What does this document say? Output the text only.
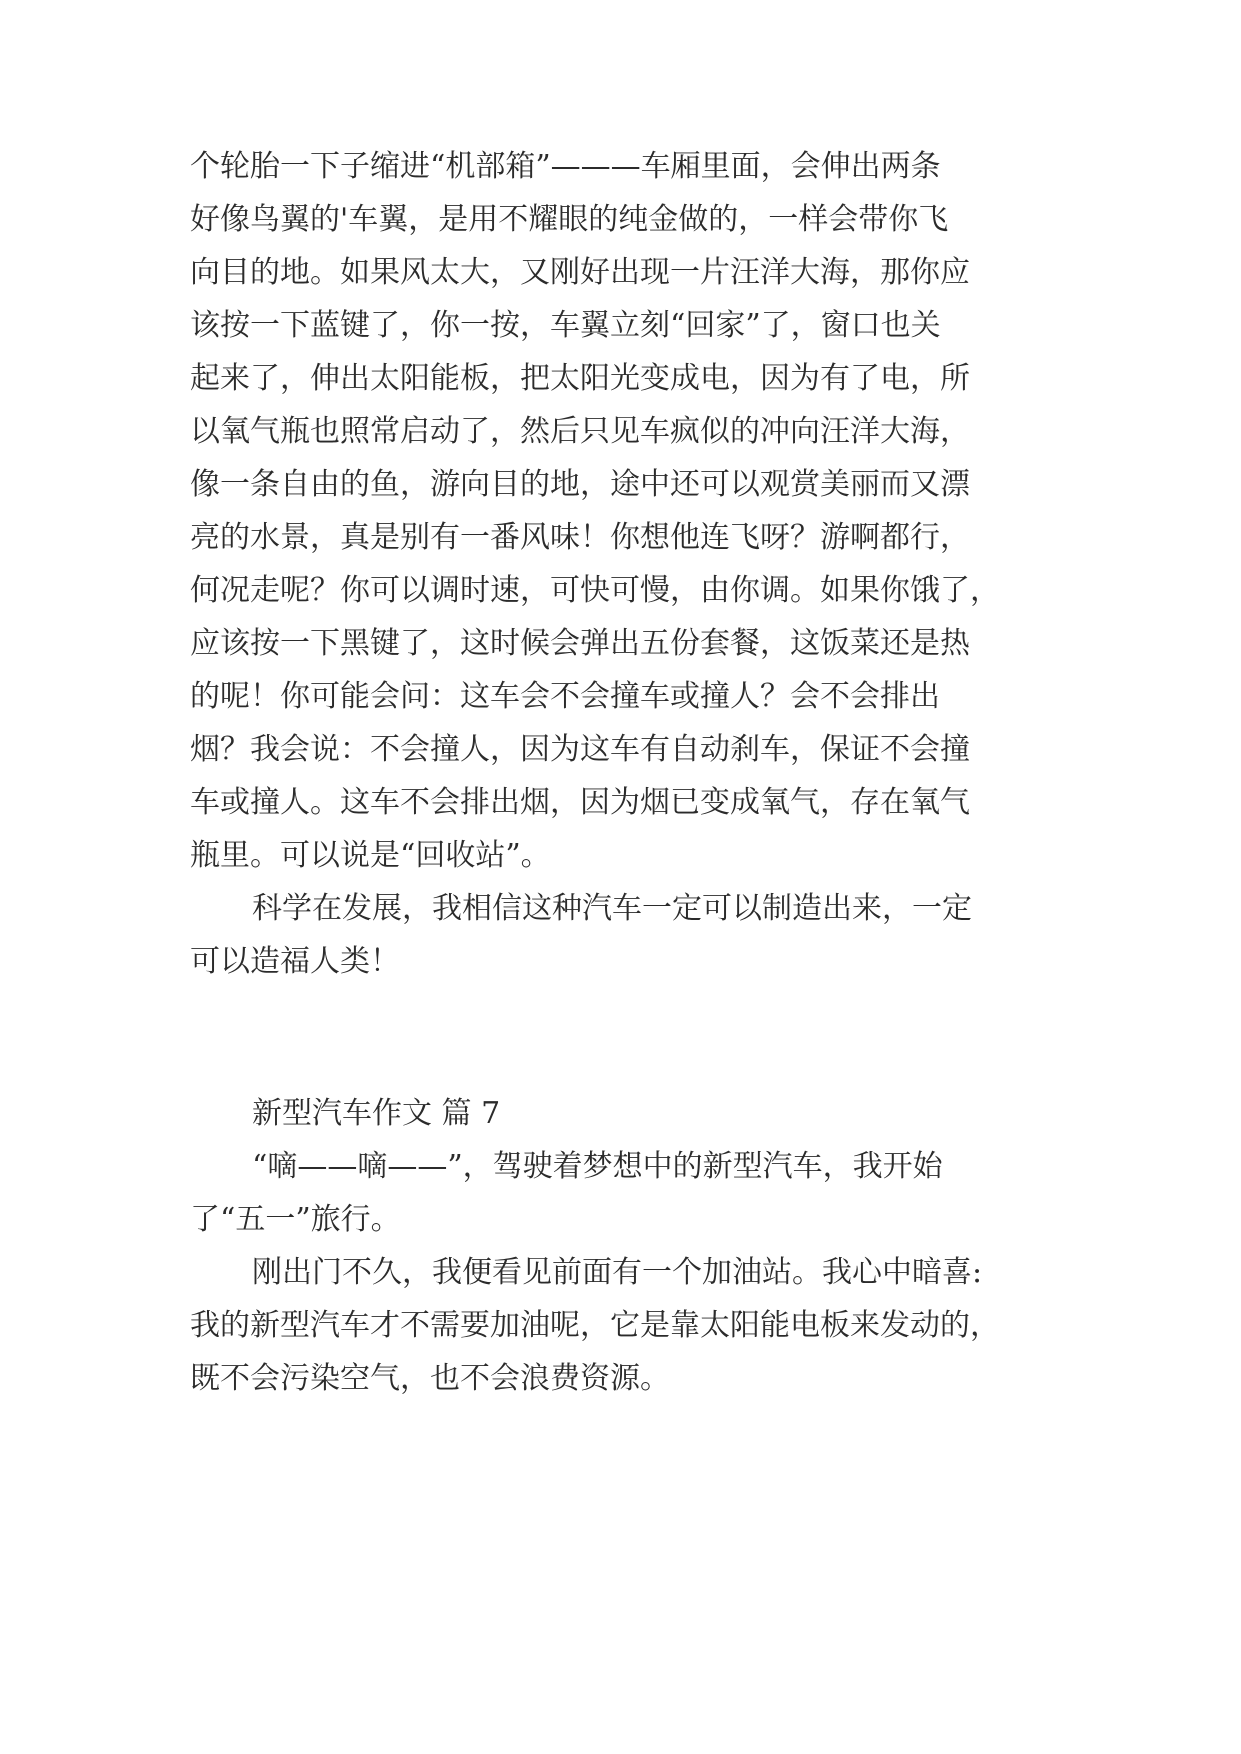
个轮胎一下子缩进“机部箱”———车厢里面，会伸出两条
好像鸟翼的'车翼，是用不耀眼的纯金做的，一样会带你飞
向目的地。如果风太大，又刚好出现一片汪洋大海，那你应
该按一下蓝键了，你一按，车翼立刻“回家”了，窗口也关
起来了，伸出太阳能板，把太阳光变成电，因为有了电，所
以氧气瓶也照常启动了，然后只见车疯似的冲向汪洋大海，
像一条自由的鱼，游向目的地，途中还可以观赏美丽而又漂
亮的水景，真是别有一番风味！你想他连飞呀？游啊都行，
何况走呢？你可以调时速，可快可慢，由你调。如果你饿了，
应该按一下黑键了，这时候会弹出五份套餐，这饭菜还是热
的呢！你可能会问：这车会不会撞车或撞人？会不会排出
烟？我会说：不会撞人，因为这车有自动刹车，保证不会撞
车或撞人。这车不会排出烟，因为烟已变成氧气，存在氧气
瓶里。可以说是“回收站”。
科学在发展，我相信这种汽车一定可以制造出来，一定
可以造福人类！
新型汽车作文 篇 7
“嘀——嘀——”，驾驶着梦想中的新型汽车，我开始
了“五一”旅行。
刚出门不久，我便看见前面有一个加油站。我心中暗喜:
我的新型汽车才不需要加油呢，它是靠太阳能电板来发动的，
既不会污染空气，也不会浪费资源。
